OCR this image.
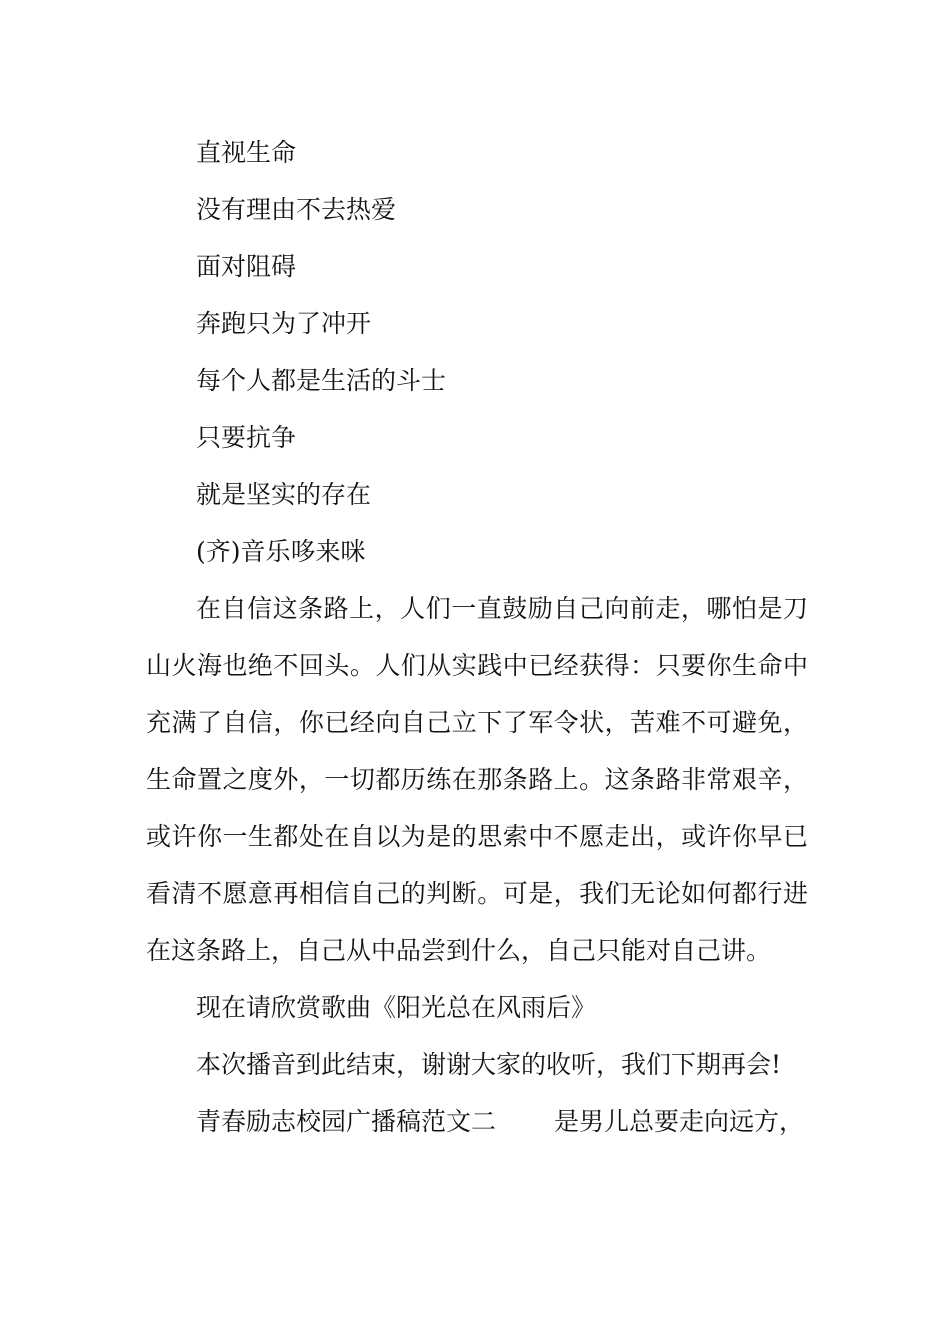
直视生命
没有理由不去热爱
面对阻碍
奔跑只为了冲开
每个人都是生活的斗士
只要抗争
就是坚实的存在
(齐)音乐哆来咪

在自信这条路上，人们一直鼓励自己向前走，哪怕是刀山火海也绝不回头。人们从实践中已经获得：只要你生命中充满了自信，你已经向自己立下了军令状，苦难不可避免，生命置之度外，一切都历练在那条路上。这条路非常艰辛，或许你一生都处在自以为是的思索中不愿走出，或许你早已看清不愿意再相信自己的判断。可是，我们无论如何都行进在这条路上，自己从中品尝到什么，自己只能对自己讲。

现在请欣赏歌曲《阳光总在风雨后》
本次播音到此结束，谢谢大家的收听，我们下期再会!
青春励志校园广播稿范文二 是男儿总要走向远方，
